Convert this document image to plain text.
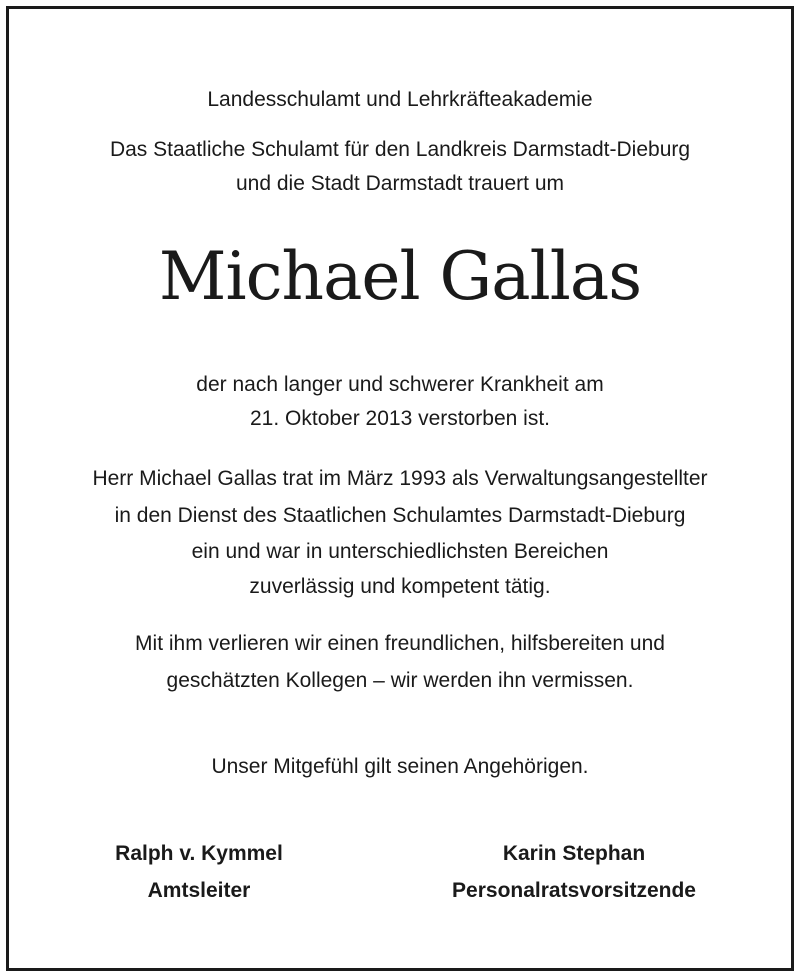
Landesschulamt und Lehrkräfteakademie
Das Staatliche Schulamt für den Landkreis Darmstadt-Dieburg
und die Stadt Darmstadt trauert um
Michael Gallas
der nach langer und schwerer Krankheit am
21. Oktober 2013 verstorben ist.
Herr Michael Gallas trat im März 1993 als Verwaltungsangestellter
in den Dienst des Staatlichen Schulamtes Darmstadt-Dieburg
ein und war in unterschiedlichsten Bereichen
zuverlässig und kompetent tätig.
Mit ihm verlieren wir einen freundlichen, hilfsbereiten und
geschätzten Kollegen – wir werden ihn vermissen.
Unser Mitgefühl gilt seinen Angehörigen.
Ralph v. Kymmel
Amtsleiter
Karin Stephan
Personalratsvorsitzende
